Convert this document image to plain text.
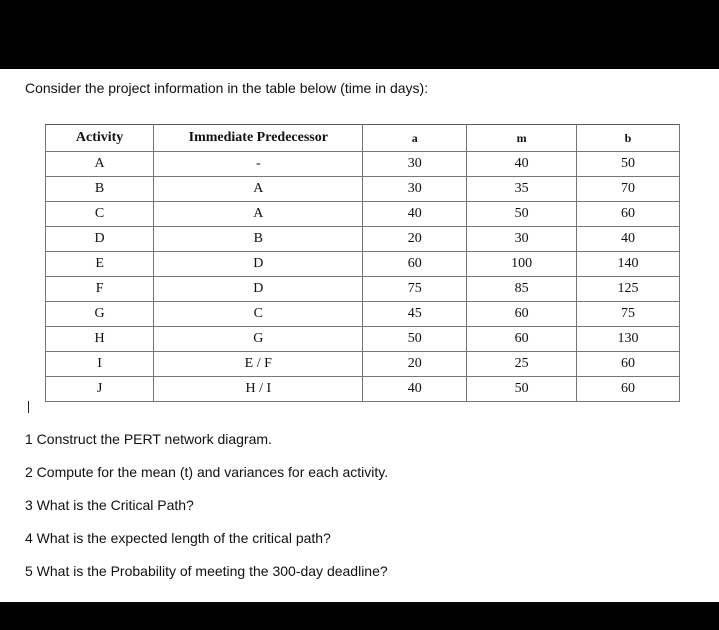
Consider the project information in the table below (time in days):
Activity	Immediate Predecessor	a	m	b
A	-	30	40	50
B	A	30	35	70
C	A	40	50	60
D	B	20	30	40
E	D	60	100	140
F	D	75	85	125
G	C	45	60	75
H	G	50	60	130
I	E / F	20	25	60
J	H / I	40	50	60
1 Construct the PERT network diagram.
2 Compute for the mean (t) and variances for each activity.
3 What is the Critical Path?
4 What is the expected length of the critical path?
5 What is the Probability of meeting the 300-day deadline?
